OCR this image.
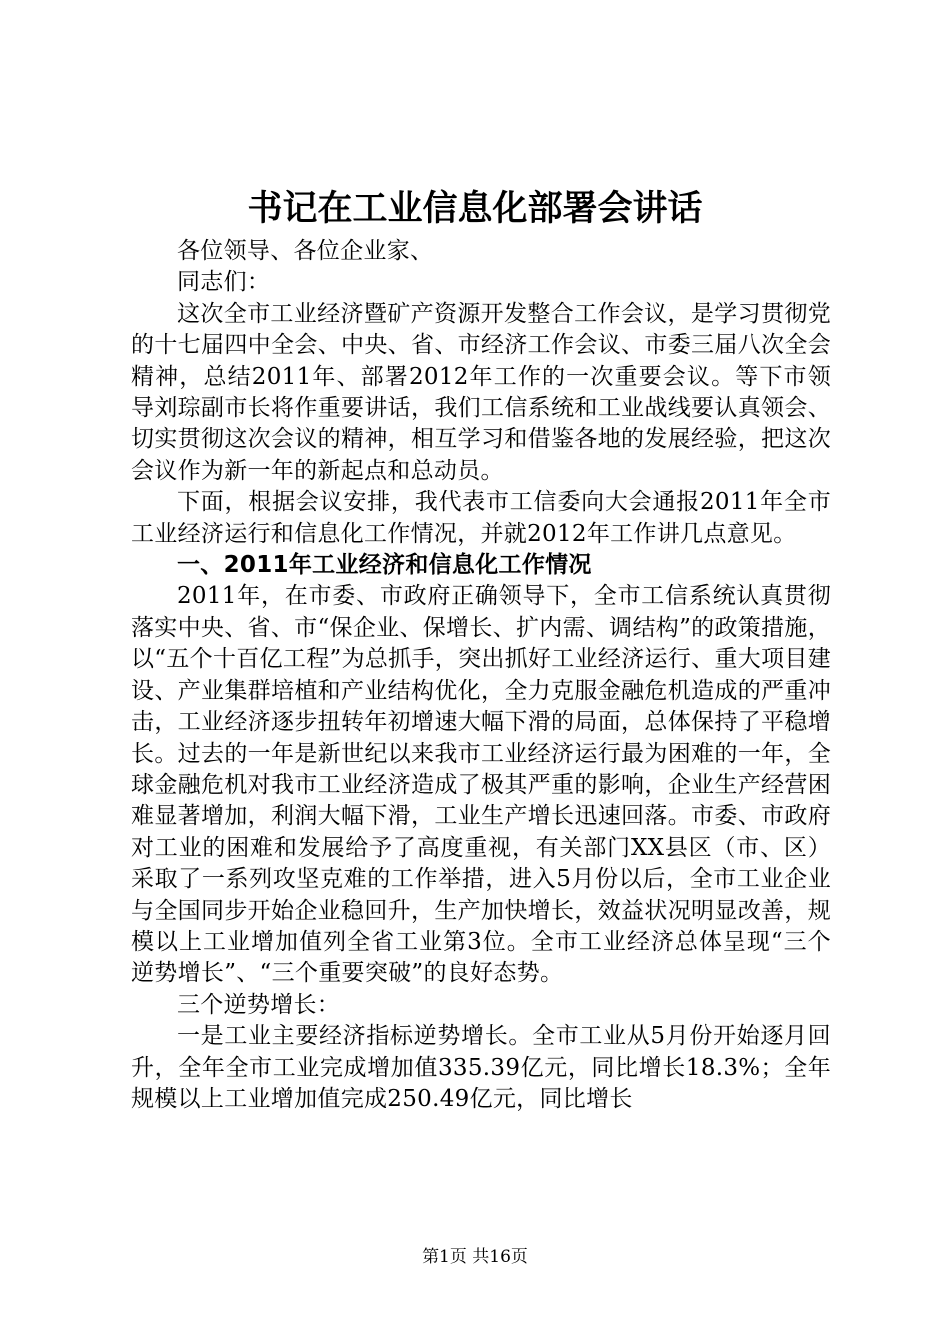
书记在工业信息化部署会讲话

各位领导、各位企业家、

同志们：

这次全市工业经济暨矿产资源开发整合工作会议，是学习贯彻党的十七届四中全会、中央、省、市经济工作会议、市委三届八次全会精神，总结2011年、部署2012年工作的一次重要会议。等下市领导刘琮副市长将作重要讲话，我们工信系统和工业战线要认真领会、切实贯彻这次会议的精神，相互学习和借鉴各地的发展经验，把这次会议作为新一年的新起点和总动员。

下面，根据会议安排，我代表市工信委向大会通报2011年全市工业经济运行和信息化工作情况，并就2012年工作讲几点意见。

一、2011年工业经济和信息化工作情况

2011年，在市委、市政府正确领导下，全市工信系统认真贯彻落实中央、省、市“保企业、保增长、扩内需、调结构”的政策措施，以“五个十百亿工程”为总抓手，突出抓好工业经济运行、重大项目建设、产业集群培植和产业结构优化，全力克服金融危机造成的严重冲击，工业经济逐步扭转年初增速大幅下滑的局面，总体保持了平稳增长。过去的一年是新世纪以来我市工业经济运行最为困难的一年，全球金融危机对我市工业经济造成了极其严重的影响，企业生产经营困难显著增加，利润大幅下滑，工业生产增长迅速回落。市委、市政府对工业的困难和发展给予了高度重视，有关部门XX县区（市、区）采取了一系列攻坚克难的工作举措，进入5月份以后，全市工业企业与全国同步开始企业稳回升，生产加快增长，效益状况明显改善，规模以上工业增加值列全省工业第3位。全市工业经济总体呈现“三个逆势增长”、“三个重要突破”的良好态势。

三个逆势增长：

一是工业主要经济指标逆势增长。全市工业从5月份开始逐月回升，全年全市工业完成增加值335.39亿元，同比增长18.3%；全年规模以上工业增加值完成250.49亿元，同比增长

第1页 共16页
